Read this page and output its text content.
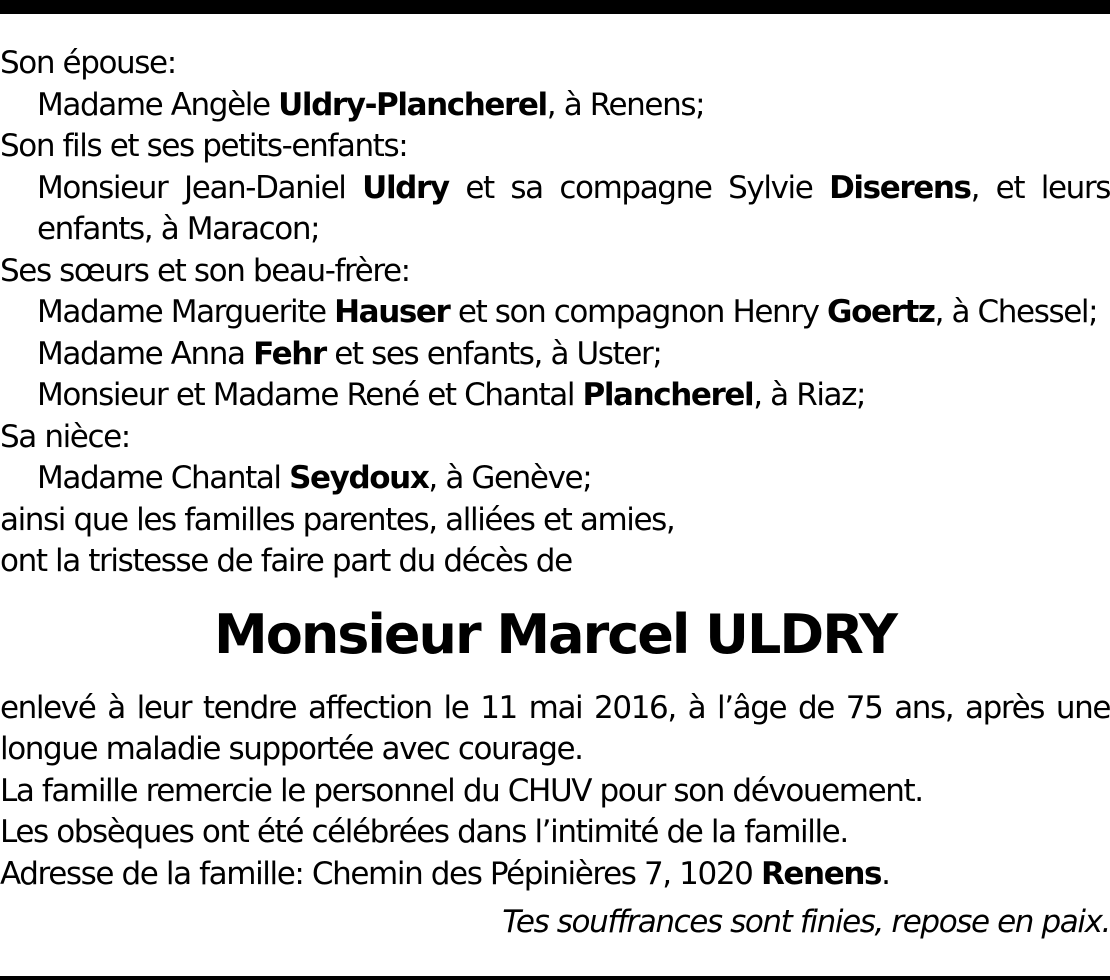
Son épouse:
Madame Angèle Uldry-Plancherel, à Renens;
Son fils et ses petits-enfants:
Monsieur Jean-Daniel Uldry et sa compagne Sylvie Diserens, et leurs enfants, à Maracon;
Ses sœurs et son beau-frère:
Madame Marguerite Hauser et son compagnon Henry Goertz, à Chessel;
Madame Anna Fehr et ses enfants, à Uster;
Monsieur et Madame René et Chantal Plancherel, à Riaz;
Sa nièce:
Madame Chantal Seydoux, à Genève;
ainsi que les familles parentes, alliées et amies,
ont la tristesse de faire part du décès de
Monsieur Marcel ULDRY
enlevé à leur tendre affection le 11 mai 2016, à l’âge de 75 ans, après une longue maladie supportée avec courage.
La famille remercie le personnel du CHUV pour son dévouement.
Les obsèques ont été célébrées dans l’intimité de la famille.
Adresse de la famille: Chemin des Pépinières 7, 1020 Renens.
Tes souffrances sont finies, repose en paix.
